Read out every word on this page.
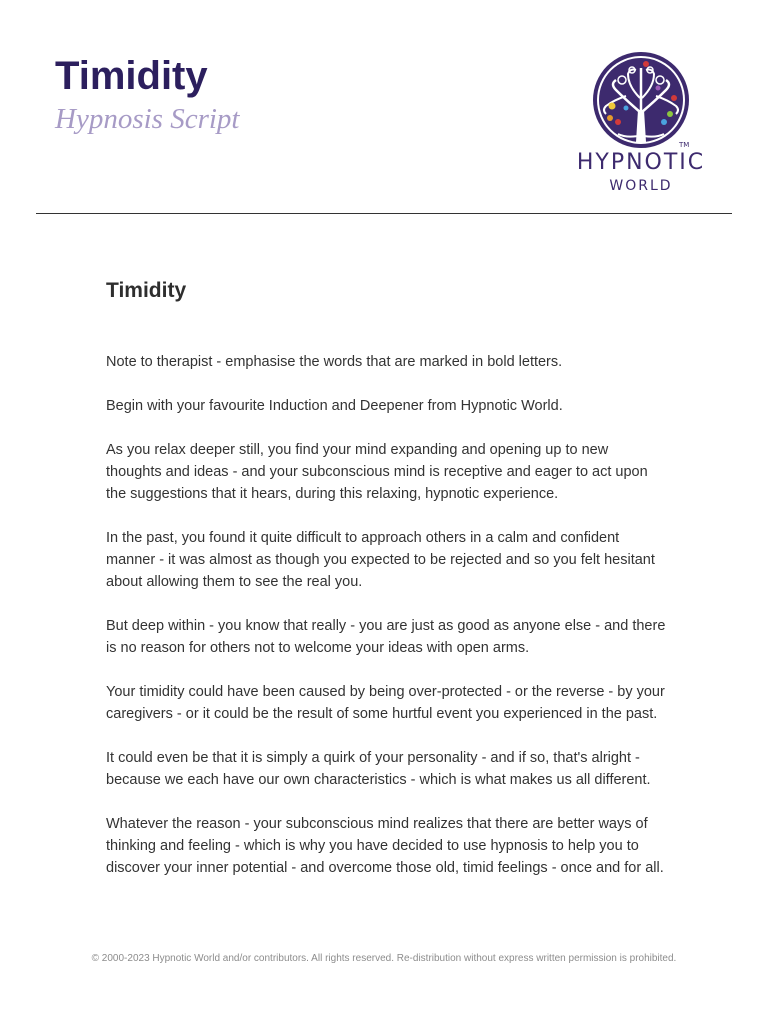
Timidity
Hypnosis Script
TM
HYPNOTIC
WORLD
Timidity

Note to therapist - emphasise the words that are marked in bold letters.

Begin with your favourite Induction and Deepener from Hypnotic World.

As you relax deeper still, you find your mind expanding and opening up to new thoughts and ideas - and your subconscious mind is receptive and eager to act upon the suggestions that it hears, during this relaxing, hypnotic experience.

In the past, you found it quite difficult to approach others in a calm and confident manner - it was almost as though you expected to be rejected and so you felt hesitant about allowing them to see the real you.

But deep within - you know that really - you are just as good as anyone else - and there is no reason for others not to welcome your ideas with open arms.

Your timidity could have been caused by being over-protected - or the reverse - by your caregivers - or it could be the result of some hurtful event you experienced in the past.

It could even be that it is simply a quirk of your personality - and if so, that's alright - because we each have our own characteristics - which is what makes us all different.

Whatever the reason - your subconscious mind realizes that there are better ways of thinking and feeling - which is why you have decided to use hypnosis to help you to discover your inner potential - and overcome those old, timid feelings - once and for all.

© 2000-2023 Hypnotic World and/or contributors. All rights reserved. Re-distribution without express written permission is prohibited.
